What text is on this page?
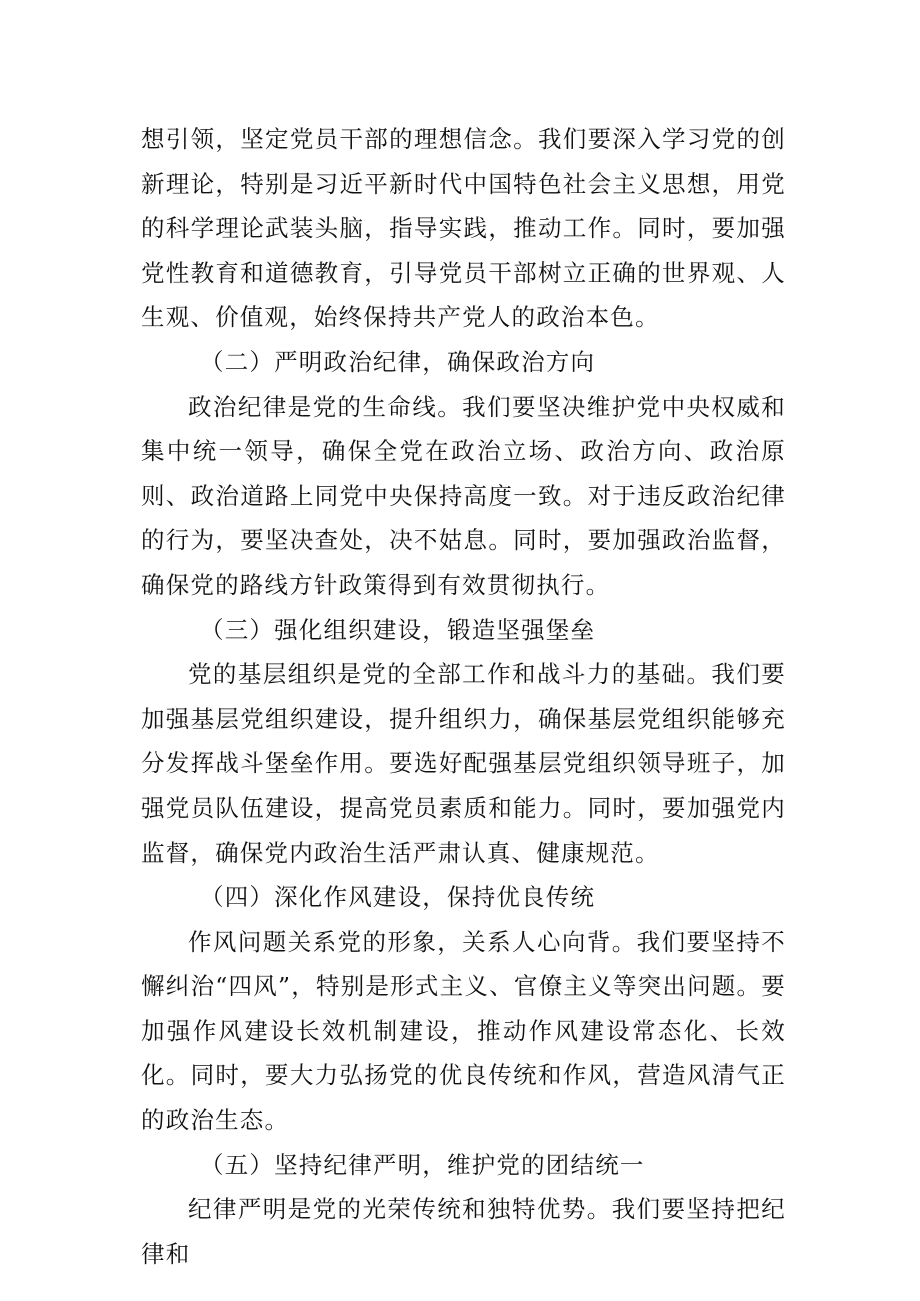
想引领，坚定党员干部的理想信念。我们要深入学习党的创新理论，特别是习近平新时代中国特色社会主义思想，用党的科学理论武装头脑，指导实践，推动工作。同时，要加强党性教育和道德教育，引导党员干部树立正确的世界观、人生观、价值观，始终保持共产党人的政治本色。

（二）严明政治纪律，确保政治方向

政治纪律是党的生命线。我们要坚决维护党中央权威和集中统一领导，确保全党在政治立场、政治方向、政治原则、政治道路上同党中央保持高度一致。对于违反政治纪律的行为，要坚决查处，决不姑息。同时，要加强政治监督，确保党的路线方针政策得到有效贯彻执行。

（三）强化组织建设，锻造坚强堡垒

党的基层组织是党的全部工作和战斗力的基础。我们要加强基层党组织建设，提升组织力，确保基层党组织能够充分发挥战斗堡垒作用。要选好配强基层党组织领导班子，加强党员队伍建设，提高党员素质和能力。同时，要加强党内监督，确保党内政治生活严肃认真、健康规范。

（四）深化作风建设，保持优良传统

作风问题关系党的形象，关系人心向背。我们要坚持不懈纠治“四风”，特别是形式主义、官僚主义等突出问题。要加强作风建设长效机制建设，推动作风建设常态化、长效化。同时，要大力弘扬党的优良传统和作风，营造风清气正的政治生态。

（五）坚持纪律严明，维护党的团结统一

纪律严明是党的光荣传统和独特优势。我们要坚持把纪律和
